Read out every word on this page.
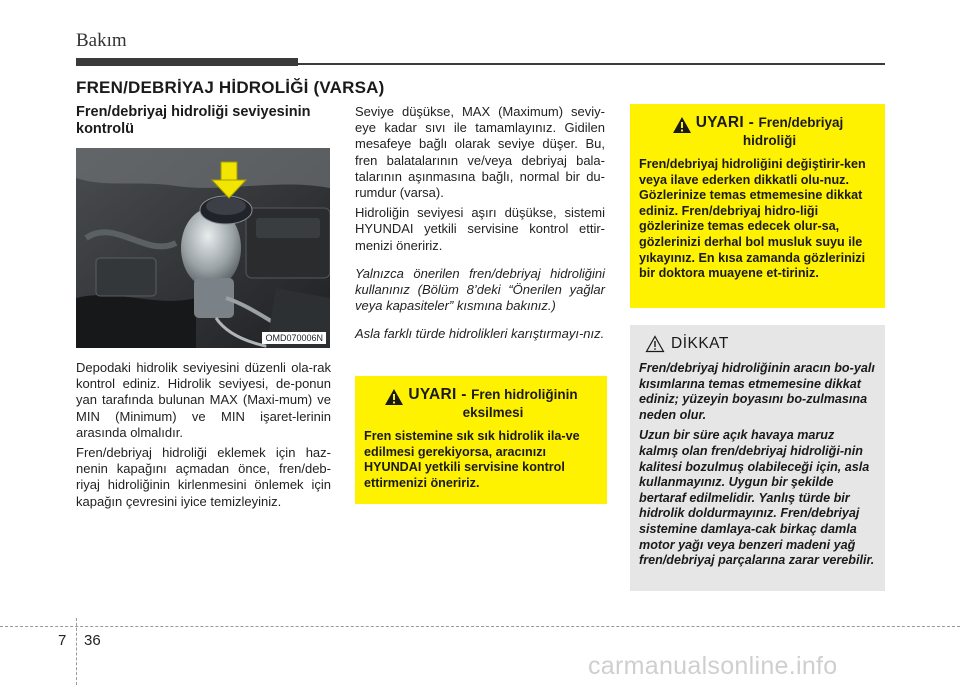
Bakım
FREN/DEBRİYAJ HİDROLİĞİ (VARSA)
Fren/debriyaj hidroliği seviyesinin kontrolü
OMD070006N

Depodaki hidrolik seviyesini düzenli ola-rak kontrol ediniz. Hidrolik seviyesi, de-ponun yan tarafında bulunan MAX (Maxi-mum) ve MIN (Minimum) ve MIN işaret-lerinin arasında olmalıdır.

Fren/debriyaj hidroliği eklemek için haz-nenin kapağını açmadan önce, fren/deb-riyaj hidroliğinin kirlenmesini önlemek için kapağın çevresini iyice temizleyiniz.

Seviye düşükse, MAX (Maximum) seviy-eye kadar sıvı ile tamamlayınız. Gidilen mesafeye bağlı olarak seviye düşer. Bu, fren balatalarının ve/veya debriyaj bala-talarının aşınmasına bağlı, normal bir du-rumdur (varsa).

Hidroliğin seviyesi aşırı düşükse, sistemi HYUNDAI yetkili servisine kontrol ettir-menizi öneririz.

Yalnızca önerilen fren/debriyaj hidroliğini kullanınız (Bölüm 8’deki “Önerilen yağlar veya kapasiteler” kısmına bakınız.)

Asla farklı türde hidrolikleri karıştırmayı-nız.

UYARI - Fren hidroliğinin
eksilmesi
Fren sistemine sık sık hidrolik ila-ve edilmesi gerekiyorsa, aracınızı HYUNDAI yetkili servisine kontrol ettirmenizi öneririz.
UYARI - Fren/debriyaj
hidroliği
Fren/debriyaj hidroliğini değiştirir-ken veya ilave ederken dikkatli olu-nuz. Gözlerinize temas etmemesine dikkat ediniz. Fren/debriyaj hidro-liği gözlerinize temas edecek olur-sa, gözlerinizi derhal bol musluk suyu ile yıkayınız. En kısa zamanda gözlerinizi bir doktora muayene et-tiriniz.
DİKKAT

Fren/debriyaj hidroliğinin aracın bo-yalı kısımlarına temas etmemesine dikkat ediniz; yüzeyin boyasını bo-zulmasına neden olur.

Uzun bir süre açık havaya maruz kalmış olan fren/debriyaj hidroliği-nin kalitesi bozulmuş olabileceği için, asla kullanmayınız. Uygun bir şekilde bertaraf edilmelidir. Yanlış türde bir hidrolik doldurmayınız. Fren/debriyaj sistemine damlaya-cak birkaç damla motor yağı veya benzeri madeni yağ fren/debriyaj parçalarına zarar verebilir.

7 36
carmanualsonline.info
